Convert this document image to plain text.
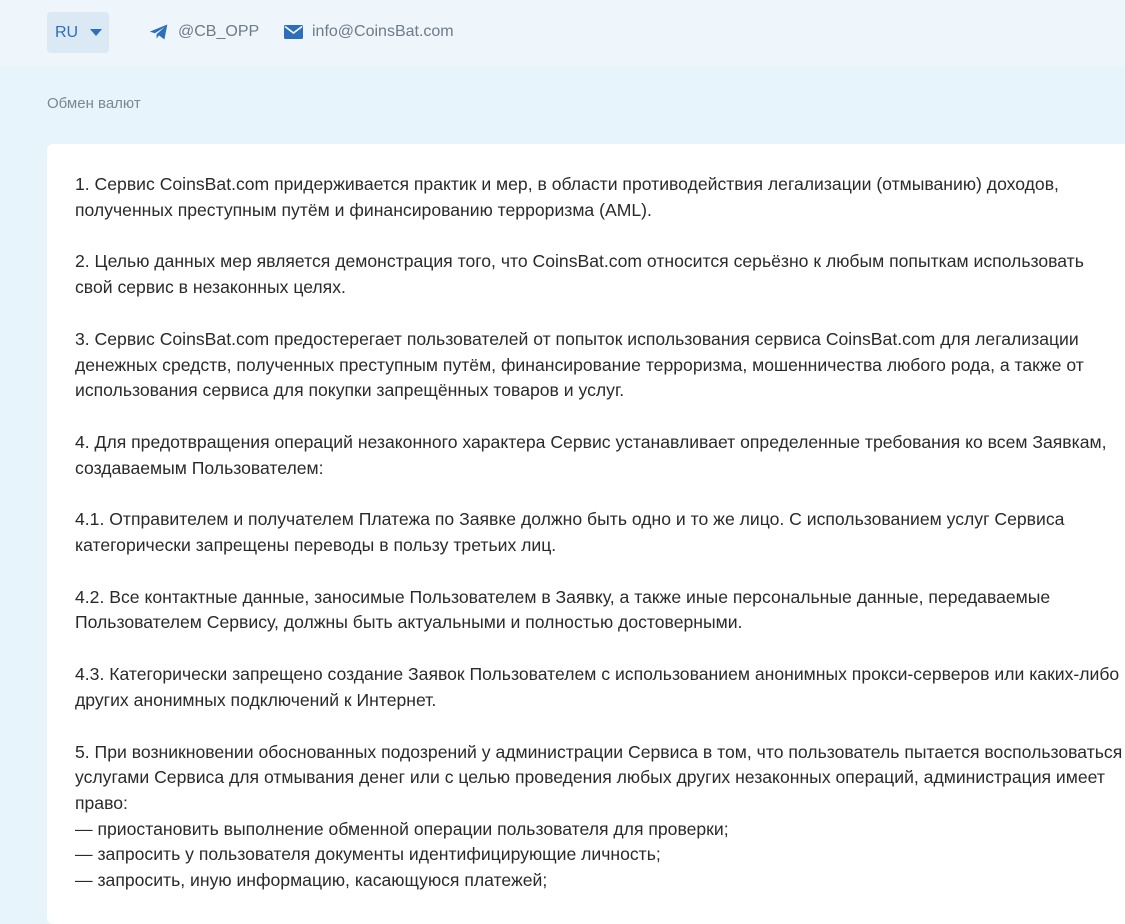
RU	@CB_OPP	info@CoinsBat.com
Обмен валют

1. Сервис CoinsBat.com придерживается практик и мер, в области противодействия легализации (отмыванию) доходов, полученных преступным путём и финансированию терроризма (AML).

2. Целью данных мер является демонстрация того, что CoinsBat.com относится серьёзно к любым попыткам использовать свой сервис в незаконных целях.

3. Сервис CoinsBat.com предостерегает пользователей от попыток использования сервиса CoinsBat.com для легализации денежных средств, полученных преступным путём, финансирование терроризма, мошенничества любого рода, а также от использования сервиса для покупки запрещённых товаров и услуг.

4. Для предотвращения операций незаконного характера Сервис устанавливает определенные требования ко всем Заявкам, создаваемым Пользователем:

4.1. Отправителем и получателем Платежа по Заявке должно быть одно и то же лицо. С использованием услуг Сервиса категорически запрещены переводы в пользу третьих лиц.

4.2. Все контактные данные, заносимые Пользователем в Заявку, а также иные персональные данные, передаваемые Пользователем Сервису, должны быть актуальными и полностью достоверными.

4.3. Категорически запрещено создание Заявок Пользователем с использованием анонимных прокси-серверов или каких-либо других анонимных подключений к Интернет.

5. При возникновении обоснованных подозрений у администрации Сервиса в том, что пользователь пытается воспользоваться услугами Сервиса для отмывания денег или с целью проведения любых других незаконных операций, администрация имеет право:
— приостановить выполнение обменной операции пользователя для проверки;
— запросить у пользователя документы идентифицирующие личность;
— запросить, иную информацию, касающуюся платежей;
